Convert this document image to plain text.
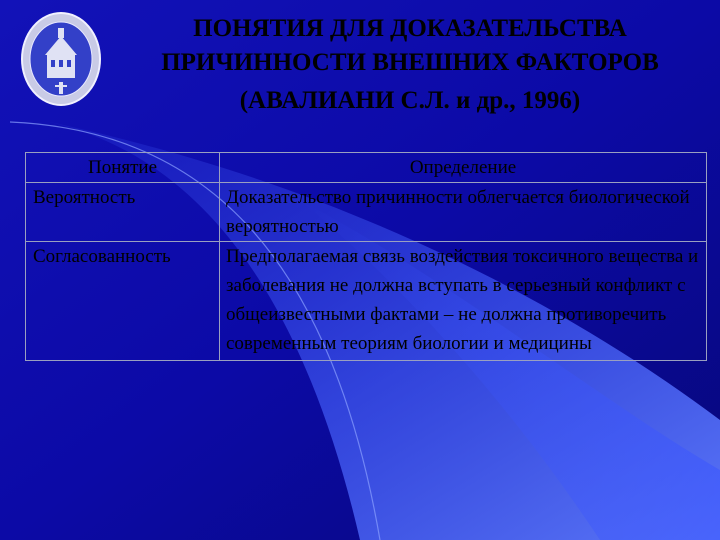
ПОНЯТИЯ ДЛЯ ДОКАЗАТЕЛЬСТВА
ПРИЧИННОСТИ ВНЕШНИХ ФАКТОРОВ
(АВАЛИАНИ С.Л. и др., 1996)
Понятие	Определение
Вероятность	Доказательство причинности облегчается биологической вероятностью
Согласованность	Предполагаемая связь воздействия токсичного вещества и заболевания не должна вступать в серьезный конфликт с общеизвестными фактами – не должна противоречить современным теориям биологии и медицины
